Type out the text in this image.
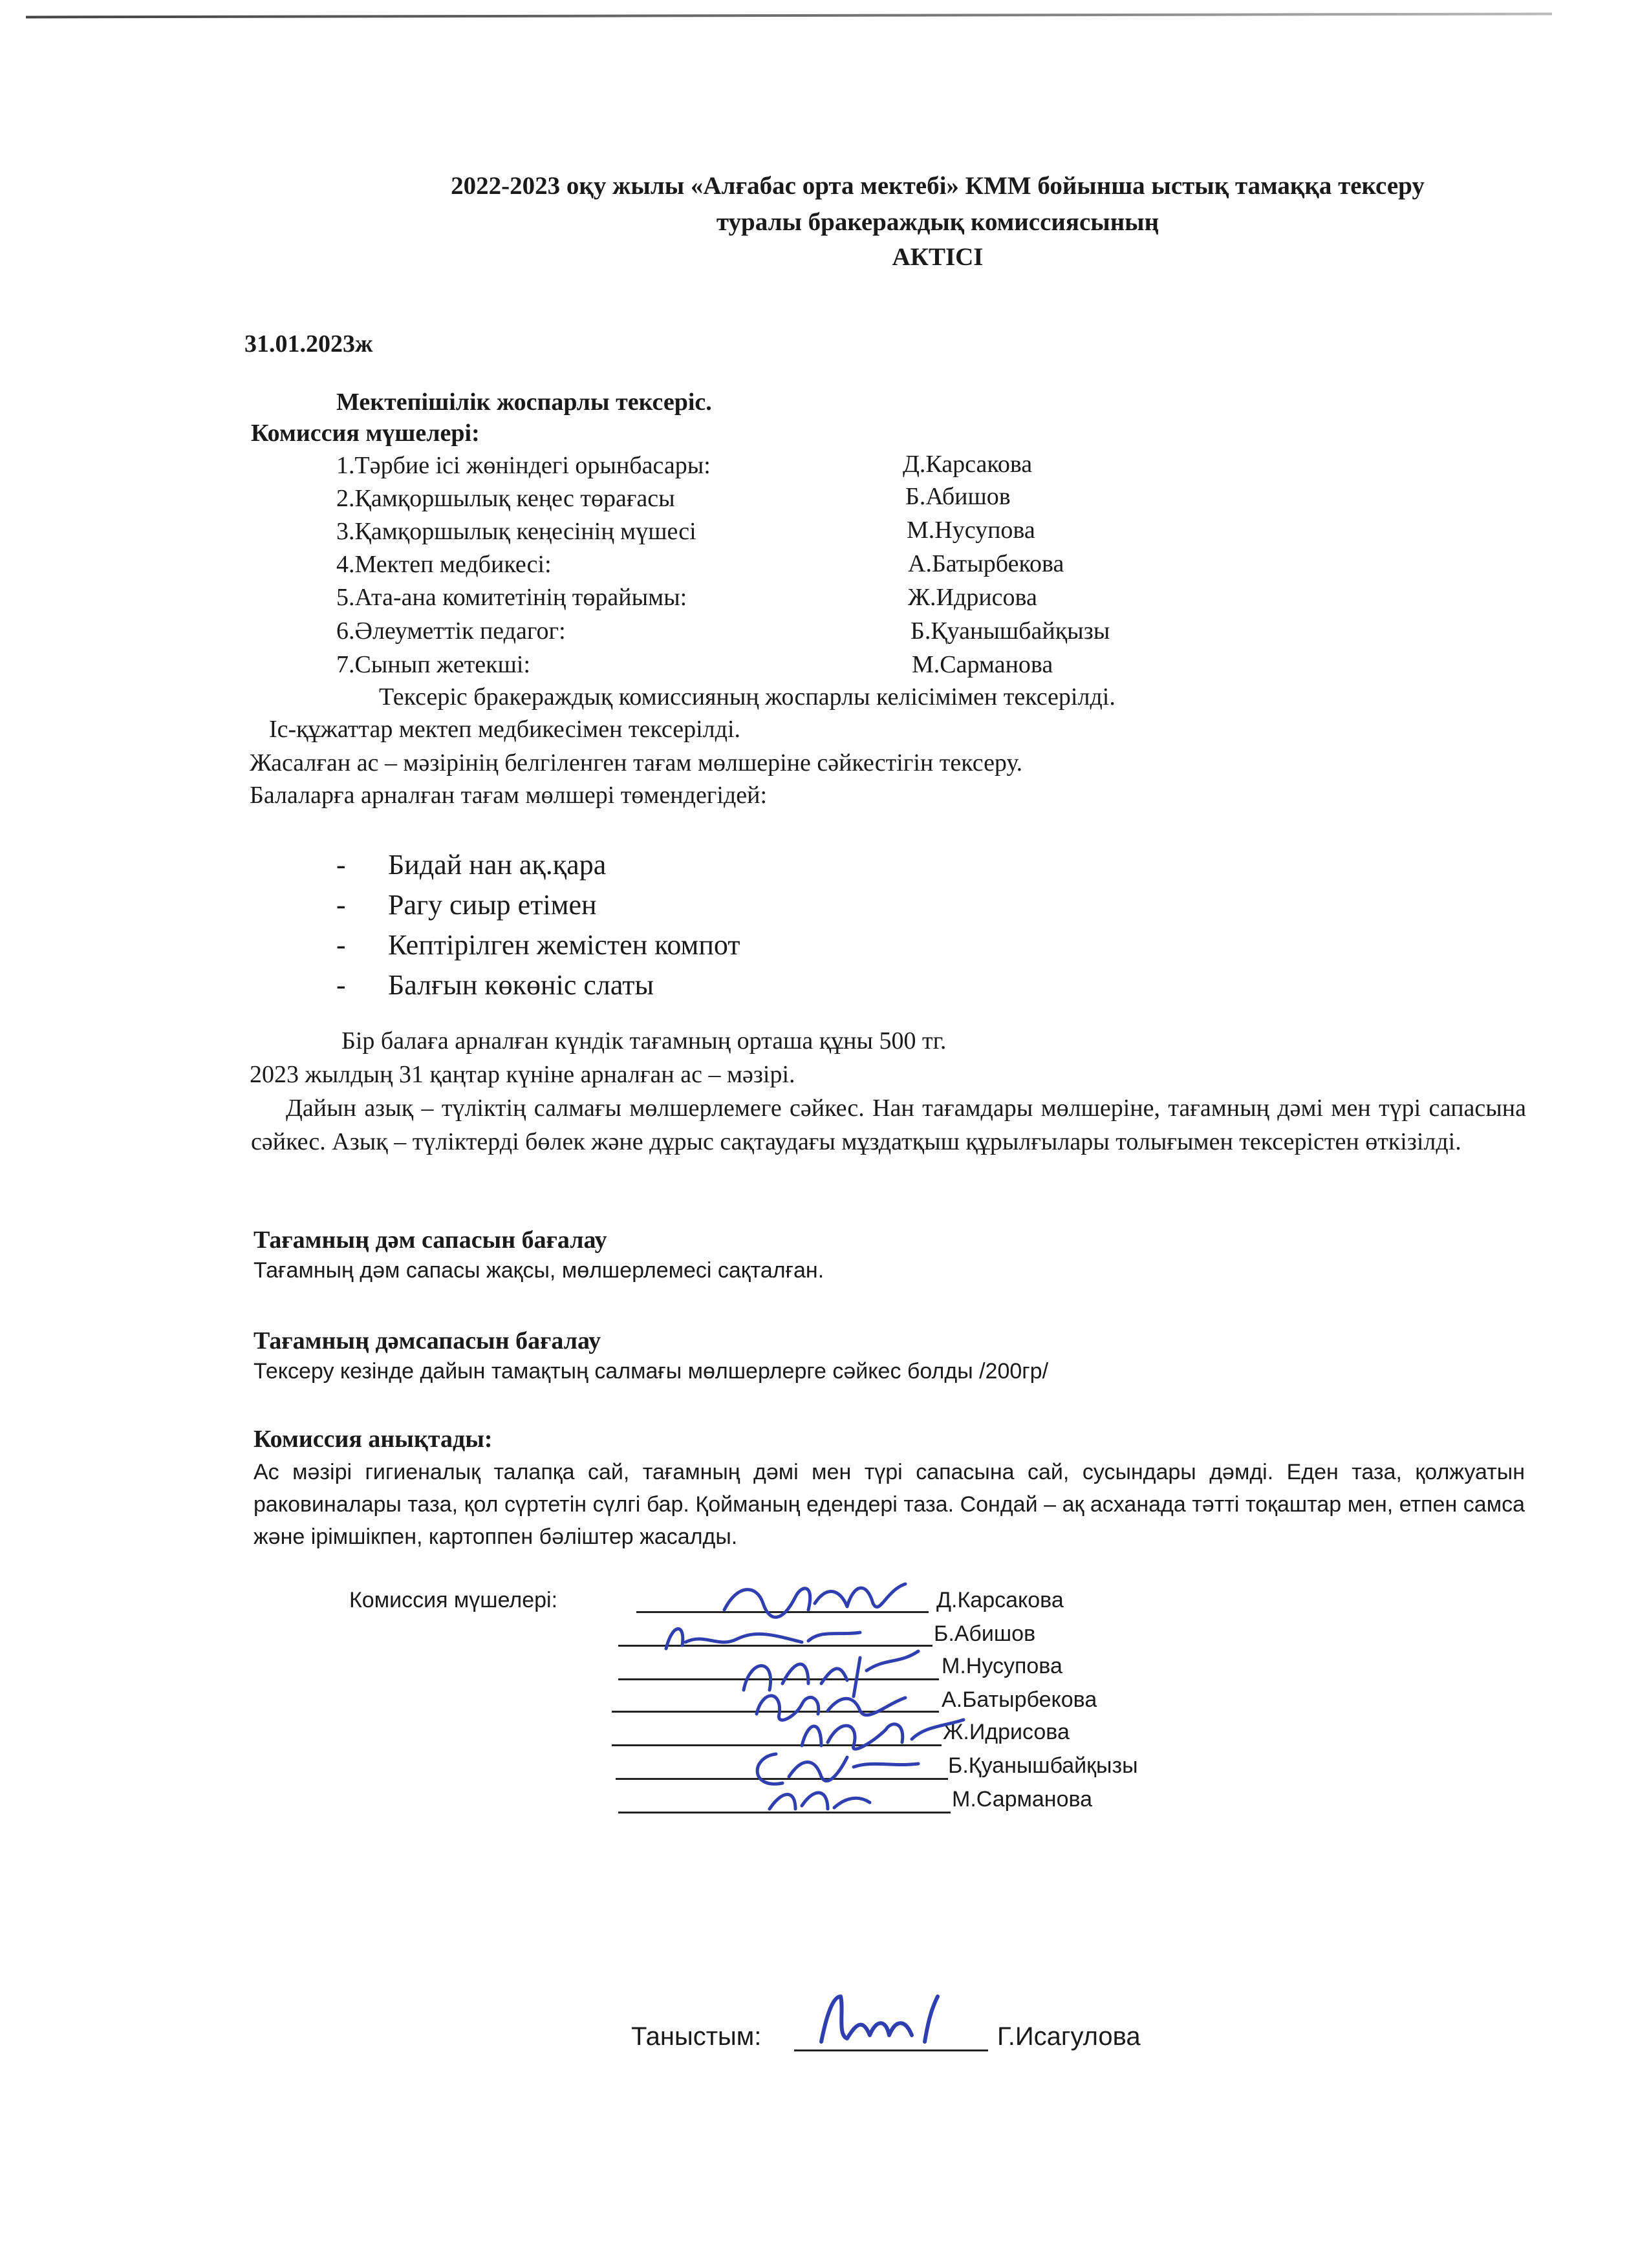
2022-2023 оқу жылы «Алғабас орта мектебі» КММ бойынша ыстық тамаққа тексеру
туралы бракераждық комиссиясының
АКТІСІ
31.01.2023ж
Мектепішілік жоспарлы тексеріс.
Комиссия мүшелері:
1.Тәрбие ісі жөніндегі орынбасары:	Д.Карсакова
2.Қамқоршылық кеңес төрағасы	Б.Абишов
3.Қамқоршылық кеңесінің мүшесі	М.Нусупова
4.Мектеп медбикесі:	А.Батырбекова
5.Ата-ана комитетінің төрайымы:	Ж.Идрисова
6.Әлеуметтік педагог:	Б.Қуанышбайқызы
7.Сынып жетекші:	М.Сарманова
Тексеріс бракераждық комиссияның жоспарлы келісімімен тексерілді.
Іс-құжаттар мектеп медбикесімен тексерілді.
Жасалған ас – мәзірінің белгіленген тағам мөлшеріне сәйкестігін тексеру.
Балаларға арналған тағам мөлшері төмендегідей:
- Бидай нан ақ.қара
- Рагу сиыр етімен
- Кептірілген жемістен компот
- Балғын көкөніс слаты
Бір балаға арналған күндік тағамның орташа құны 500 тг.
2023 жылдың 31 қаңтар күніне арналған ас – мәзірі.
Дайын азық – түліктің салмағы мөлшерлемеге сәйкес. Нан тағамдары мөлшеріне, тағамның дәмі мен түрі сапасына сәйкес. Азық – түліктерді бөлек және дұрыс сақтаудағы мұздатқыш құрылғылары толығымен тексерістен өткізілді.
Тағамның дәм сапасын бағалау
Тағамның дәм сапасы жақсы, мөлшерлемесі сақталған.
Тағамның дәмсапасын бағалау
Тексеру кезінде дайын тамақтың салмағы мөлшерлерге сәйкес болды /200гр/
Комиссия анықтады:
Ас мәзірі гигиеналық талапқа сай, тағамның дәмі мен түрі сапасына сай, сусындары дәмді. Еден таза, қолжуатын раковиналары таза, қол сүртетін сүлгі бар. Қойманың едендері таза. Сондай – ақ асханада тәтті тоқаштар мен, етпен самса және ірімшікпен, картоппен бәліштер жасалды.
Комиссия мүшелері:	Д.Карсакова
Б.Абишов
М.Нусупова
А.Батырбекова
Ж.Идрисова
Б.Қуанышбайқызы
М.Сарманова
Таныстым:	Г.Исагулова
